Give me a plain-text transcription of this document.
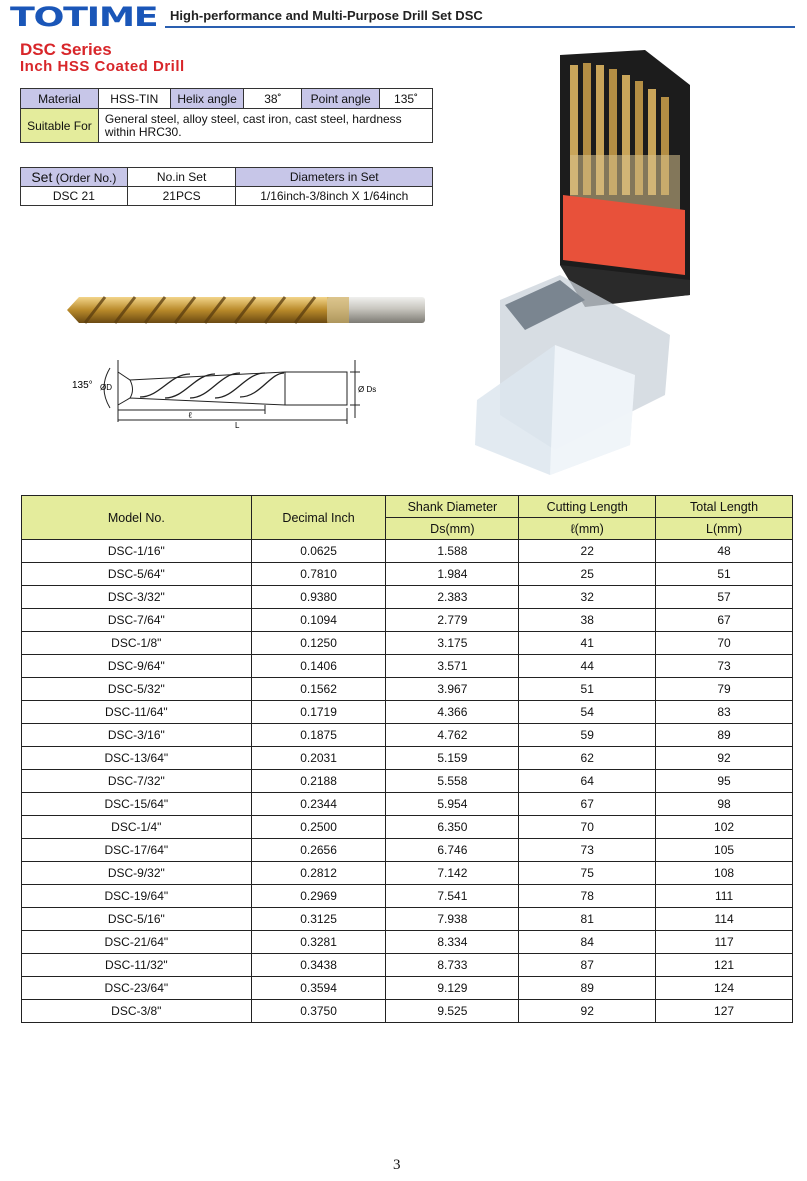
TOTIME High-performance and Multi-Purpose Drill Set DSC
DSC Series
Inch HSS Coated Drill
Material	HSS-TIN	Helix angle	38˚	Point angle	135˚
Suitable For	General steel, alloy steel, cast iron, cast steel, hardness within HRC30.				
Set (Order No.)	No.in Set	Diameters in Set
DSC 21	21PCS	1/16inch-3/8inch X 1/64inch
135° ØD	Ø Ds
ℓ
L
Model No.	Decimal Inch	Shank Diameter	Cutting Length	Total Length
		Ds(mm)	ℓ(mm)	L(mm)
DSC-1/16"	0.0625	1.588	22	48
DSC-5/64"	0.7810	1.984	25	51
DSC-3/32"	0.9380	2.383	32	57
DSC-7/64"	0.1094	2.779	38	67
DSC-1/8"	0.1250	3.175	41	70
DSC-9/64"	0.1406	3.571	44	73
DSC-5/32"	0.1562	3.967	51	79
DSC-11/64"	0.1719	4.366	54	83
DSC-3/16"	0.1875	4.762	59	89
DSC-13/64"	0.2031	5.159	62	92
DSC-7/32"	0.2188	5.558	64	95
DSC-15/64"	0.2344	5.954	67	98
DSC-1/4"	0.2500	6.350	70	102
DSC-17/64"	0.2656	6.746	73	105
DSC-9/32"	0.2812	7.142	75	108
DSC-19/64"	0.2969	7.541	78	111
DSC-5/16"	0.3125	7.938	81	114
DSC-21/64"	0.3281	8.334	84	117
DSC-11/32"	0.3438	8.733	87	121
DSC-23/64"	0.3594	9.129	89	124
DSC-3/8"	0.3750	9.525	92	127
3
